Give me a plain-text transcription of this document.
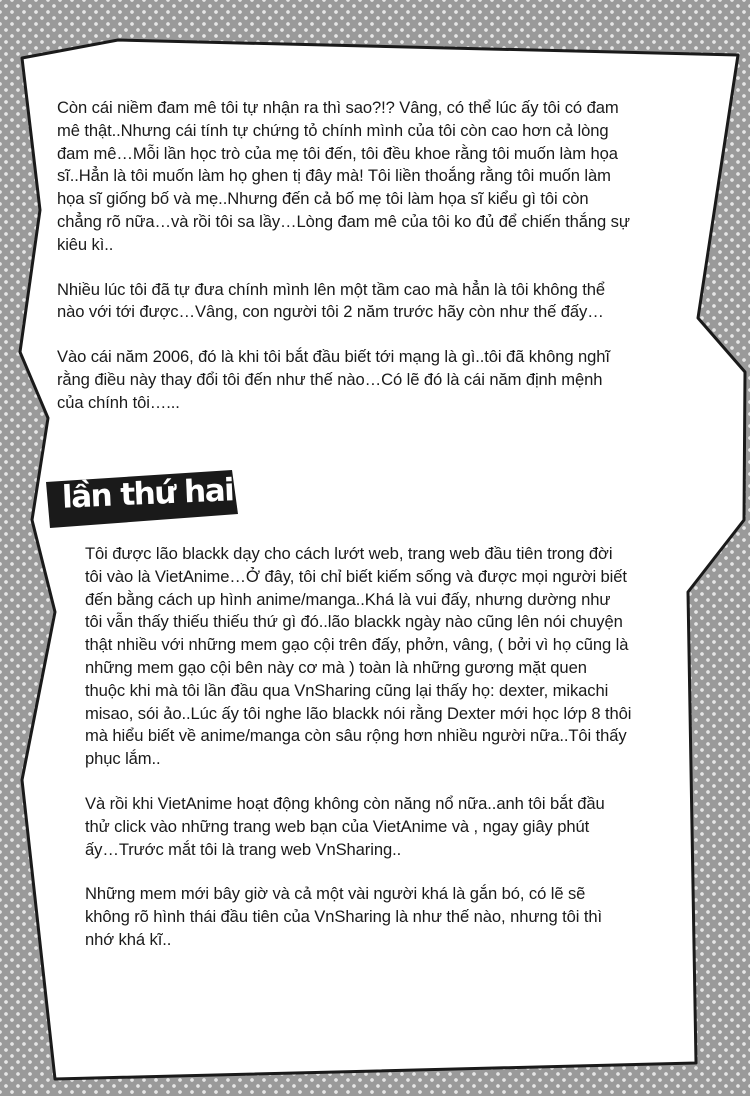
Còn cái niềm đam mê tôi tự nhận ra thì sao?!? Vâng, có thể lúc ấy tôi có đam
mê thật..Nhưng cái tính tự chứng tỏ chính mình của tôi còn cao hơn cả lòng
đam mê…Mỗi lần học trò của mẹ tôi đến, tôi đều khoe rằng tôi muốn làm họa
sĩ..Hẳn là tôi muốn làm họ ghen tị đây mà! Tôi liền thoắng rằng tôi muốn làm
họa sĩ giống bố và mẹ..Nhưng đến cả bố mẹ tôi làm họa sĩ kiểu gì tôi còn
chẳng rõ nữa…và rồi tôi sa lầy…Lòng đam mê của tôi ko đủ để chiến thắng sự
kiêu kì..

Nhiều lúc tôi đã tự đưa chính mình lên một tầm cao mà hẳn là tôi không thể
nào với tới được…Vâng, con người tôi 2 năm trước hãy còn như thế đấy…

Vào cái năm 2006, đó là khi tôi bắt đầu biết tới mạng là gì..tôi đã không nghĩ
rằng điều này thay đổi tôi đến như thế nào…Có lẽ đó là cái năm định mệnh
của chính tôi…...

lần thứ hai

Tôi được lão blackk dạy cho cách lướt web, trang web đầu tiên trong đời
tôi vào là VietAnime…Ở đây, tôi chỉ biết kiếm sống và được mọi người biết
đến bằng cách up hình anime/manga..Khá là vui đấy, nhưng dường như
tôi vẫn thấy thiếu thiếu thứ gì đó..lão blackk ngày nào cũng lên nói chuyện
thật nhiều với những mem gạo cội trên đấy, phởn, vâng, ( bởi vì họ cũng là
những mem gạo cội bên này cơ mà ) toàn là những gương mặt quen
thuộc khi mà tôi lần đầu qua VnSharing cũng lại thấy họ: dexter, mikachi
misao, sói ảo..Lúc ấy tôi nghe lão blackk nói rằng Dexter mới học lớp 8 thôi
mà hiểu biết về anime/manga còn sâu rộng hơn nhiều người nữa..Tôi thấy
phục lắm..

Và rồi khi VietAnime hoạt động không còn năng nổ nữa..anh tôi bắt đầu
thử click vào những trang web bạn của VietAnime và , ngay giây phút
ấy…Trước mắt tôi là trang web VnSharing..

Những mem mới bây giờ và cả một vài người khá là gắn bó, có lẽ sẽ
không rõ hình thái đầu tiên của VnSharing là như thế nào, nhưng tôi thì
nhớ khá kĩ..
